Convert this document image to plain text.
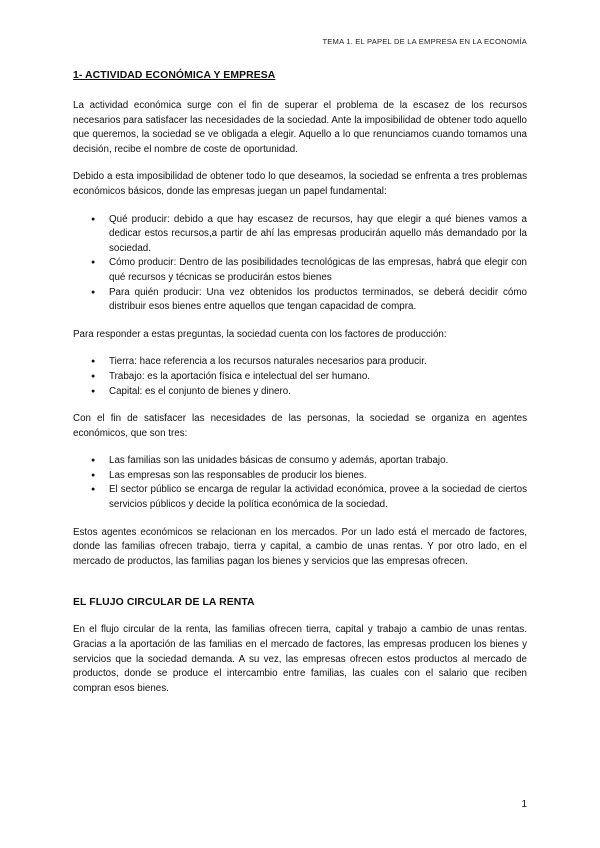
TEMA 1. EL PAPEL DE LA EMPRESA EN LA ECONOMÍA
1- ACTIVIDAD ECONÓMICA Y EMPRESA

La actividad económica surge con el fin de superar el problema de la escasez de los recursos necesarios para satisfacer las necesidades de la sociedad. Ante la imposibilidad de obtener todo aquello que queremos, la sociedad se ve obligada a elegir. Aquello a lo que renunciamos cuando tomamos una decisión, recibe el nombre de coste de oportunidad.

Debido a esta imposibilidad de obtener todo lo que deseamos, la sociedad se enfrenta a tres problemas económicos básicos, donde las empresas juegan un papel fundamental:

● Qué producir: debido a que hay escasez de recursos, hay que elegir a qué bienes vamos a dedicar estos recursos,a partir de ahí las empresas producirán aquello más demandado por la sociedad.
● Cómo producir: Dentro de las posibilidades tecnológicas de las empresas, habrá que elegir con qué recursos y técnicas se producirán estos bienes
● Para quién producir: Una vez obtenidos los productos terminados, se deberá decidir cómo distribuir esos bienes entre aquellos que tengan capacidad de compra.

Para responder a estas preguntas, la sociedad cuenta con los factores de producción:

● Tierra: hace referencia a los recursos naturales necesarios para producir.
● Trabajo: es la aportación física e intelectual del ser humano.
● Capital: es el conjunto de bienes y dinero.

Con el fin de satisfacer las necesidades de las personas, la sociedad se organiza en agentes económicos, que son tres:

● Las familias son las unidades básicas de consumo y además, aportan trabajo.
● Las empresas son las responsables de producir los bienes.
● El sector público se encarga de regular la actividad económica, provee a la sociedad de ciertos servicios públicos y decide la política económica de la sociedad.

Estos agentes económicos se relacionan en los mercados. Por un lado está el mercado de factores, donde las familias ofrecen trabajo, tierra y capital, a cambio de unas rentas. Y por otro lado, en el mercado de productos, las familias pagan los bienes y servicios que las empresas ofrecen.

EL FLUJO CIRCULAR DE LA RENTA

En el flujo circular de la renta, las familias ofrecen tierra, capital y trabajo a cambio de unas rentas. Gracias a la aportación de las familias en el mercado de factores, las empresas producen los bienes y servicios que la sociedad demanda. A su vez, las empresas ofrecen estos productos al mercado de productos, donde se produce el intercambio entre familias, las cuales con el salario que reciben compran esos bienes.

1
